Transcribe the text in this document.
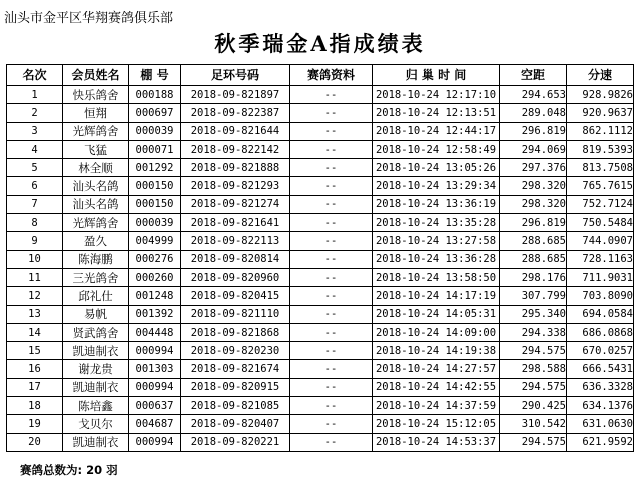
汕头市金平区华翔赛鸽俱乐部
秋季瑞金A指成绩表
名次	会员姓名	棚 号	足环号码	赛鸽资料	归 巢 时 间	空距	分速
1	快乐鸽舍	000188	2018-09-821897	--	2018-10-24 12:17:10	294.653	928.9826
2	恒翔	000697	2018-09-822387	--	2018-10-24 12:13:51	289.048	920.9637
3	光辉鸽舍	000039	2018-09-821644	--	2018-10-24 12:44:17	296.819	862.1112
4	飞猛	000071	2018-09-822142	--	2018-10-24 12:58:49	294.069	819.5393
5	林全顺	001292	2018-09-821888	--	2018-10-24 13:05:26	297.376	813.7508
6	汕头名鸽	000150	2018-09-821293	--	2018-10-24 13:29:34	298.320	765.7615
7	汕头名鸽	000150	2018-09-821274	--	2018-10-24 13:36:19	298.320	752.7124
8	光辉鸽舍	000039	2018-09-821641	--	2018-10-24 13:35:28	296.819	750.5484
9	盈久	004999	2018-09-822113	--	2018-10-24 13:27:58	288.685	744.0907
10	陈海鹏	000276	2018-09-820814	--	2018-10-24 13:36:28	288.685	728.1163
11	三光鸽舍	000260	2018-09-820960	--	2018-10-24 13:58:50	298.176	711.9031
12	邱礼仕	001248	2018-09-820415	--	2018-10-24 14:17:19	307.799	703.8090
13	易帆	001392	2018-09-821110	--	2018-10-24 14:05:31	295.340	694.0584
14	贤武鸽舍	004448	2018-09-821868	--	2018-10-24 14:09:00	294.338	686.0868
15	凯迪制衣	000994	2018-09-820230	--	2018-10-24 14:19:38	294.575	670.0257
16	谢龙贵	001303	2018-09-821674	--	2018-10-24 14:27:57	298.588	666.5431
17	凯迪制衣	000994	2018-09-820915	--	2018-10-24 14:42:55	294.575	636.3328
18	陈培鑫	000637	2018-09-821085	--	2018-10-24 14:37:59	290.425	634.1376
19	戈贝尔	004687	2018-09-820407	--	2018-10-24 15:12:05	310.542	631.0630
20	凯迪制衣	000994	2018-09-820221	--	2018-10-24 14:53:37	294.575	621.9592
赛鸽总数为: 20 羽
